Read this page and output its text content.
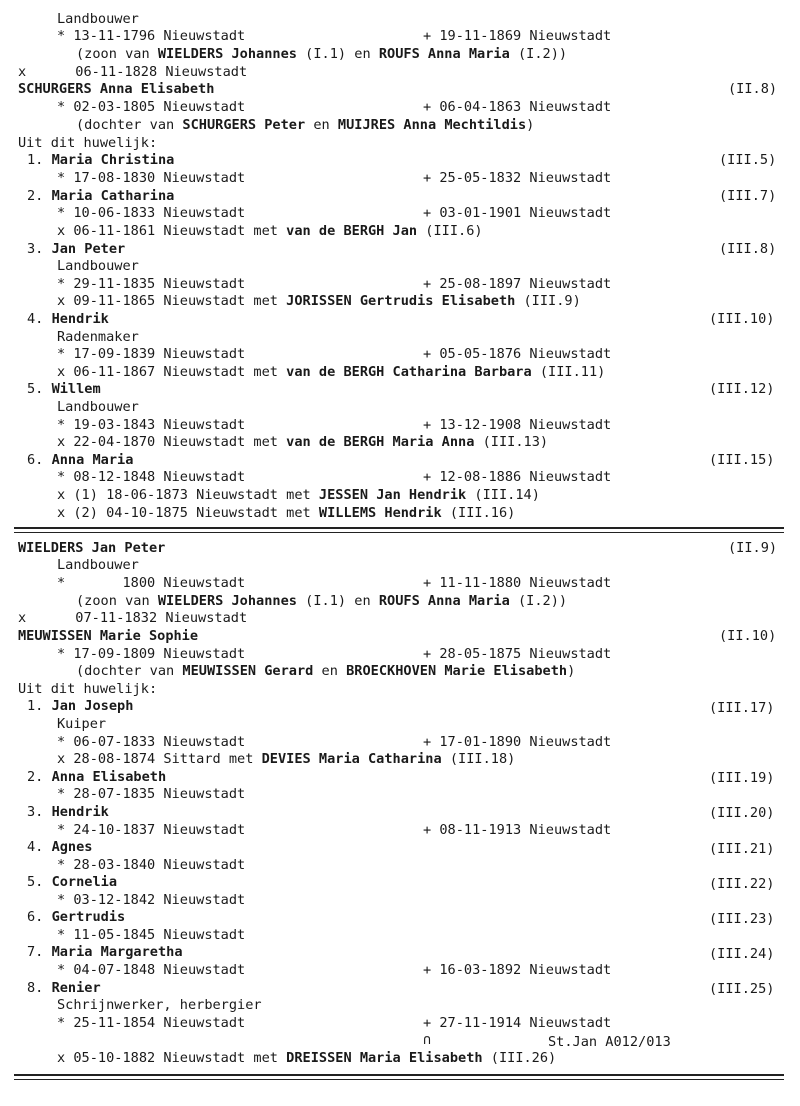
Landbouwer
* 13-11-1796 Nieuwstadt	+ 19-11-1869 Nieuwstadt
(zoon van WIELDERS Johannes (I.1) en ROUFS Anna Maria (I.2))
x      06-11-1828 Nieuwstadt
SCHURGERS Anna Elisabeth	(II.8)
* 02-03-1805 Nieuwstadt	+ 06-04-1863 Nieuwstadt
(dochter van SCHURGERS Peter en MUIJRES Anna Mechtildis)
Uit dit huwelijk:
1. Maria Christina	(III.5)
* 17-08-1830 Nieuwstadt	+ 25-05-1832 Nieuwstadt
2. Maria Catharina	(III.7)
* 10-06-1833 Nieuwstadt	+ 03-01-1901 Nieuwstadt
x 06-11-1861 Nieuwstadt met van de BERGH Jan (III.6)
3. Jan Peter	(III.8)
Landbouwer
* 29-11-1835 Nieuwstadt	+ 25-08-1897 Nieuwstadt
x 09-11-1865 Nieuwstadt met JORISSEN Gertrudis Elisabeth (III.9)
4. Hendrik	(III.10)
Radenmaker
* 17-09-1839 Nieuwstadt	+ 05-05-1876 Nieuwstadt
x 06-11-1867 Nieuwstadt met van de BERGH Catharina Barbara (III.11)
5. Willem	(III.12)
Landbouwer
* 19-03-1843 Nieuwstadt	+ 13-12-1908 Nieuwstadt
x 22-04-1870 Nieuwstadt met van de BERGH Maria Anna (III.13)
6. Anna Maria	(III.15)
* 08-12-1848 Nieuwstadt	+ 12-08-1886 Nieuwstadt
x (1) 18-06-1873 Nieuwstadt met JESSEN Jan Hendrik (III.14)
x (2) 04-10-1875 Nieuwstadt met WILLEMS Hendrik (III.16)
WIELDERS Jan Peter	(II.9)
Landbouwer
*       1800 Nieuwstadt	+ 11-11-1880 Nieuwstadt
(zoon van WIELDERS Johannes (I.1) en ROUFS Anna Maria (I.2))
x      07-11-1832 Nieuwstadt
MEUWISSEN Marie Sophie	(II.10)
* 17-09-1809 Nieuwstadt	+ 28-05-1875 Nieuwstadt
(dochter van MEUWISSEN Gerard en BROECKHOVEN Marie Elisabeth)
Uit dit huwelijk:
1. Jan Joseph	(III.17)
Kuiper
* 06-07-1833 Nieuwstadt	+ 17-01-1890 Nieuwstadt
x 28-08-1874 Sittard met DEVIES Maria Catharina (III.18)
2. Anna Elisabeth	(III.19)
* 28-07-1835 Nieuwstadt
3. Hendrik	(III.20)
* 24-10-1837 Nieuwstadt	+ 08-11-1913 Nieuwstadt
4. Agnes	(III.21)
* 28-03-1840 Nieuwstadt
5. Cornelia	(III.22)
* 03-12-1842 Nieuwstadt
6. Gertrudis	(III.23)
* 11-05-1845 Nieuwstadt
7. Maria Margaretha	(III.24)
* 04-07-1848 Nieuwstadt	+ 16-03-1892 Nieuwstadt
8. Renier	(III.25)
Schrijnwerker, herbergier
* 25-11-1854 Nieuwstadt	+ 27-11-1914 Nieuwstadt
∩	St.Jan A012/013
x 05-10-1882 Nieuwstadt met DREISSEN Maria Elisabeth (III.26)
